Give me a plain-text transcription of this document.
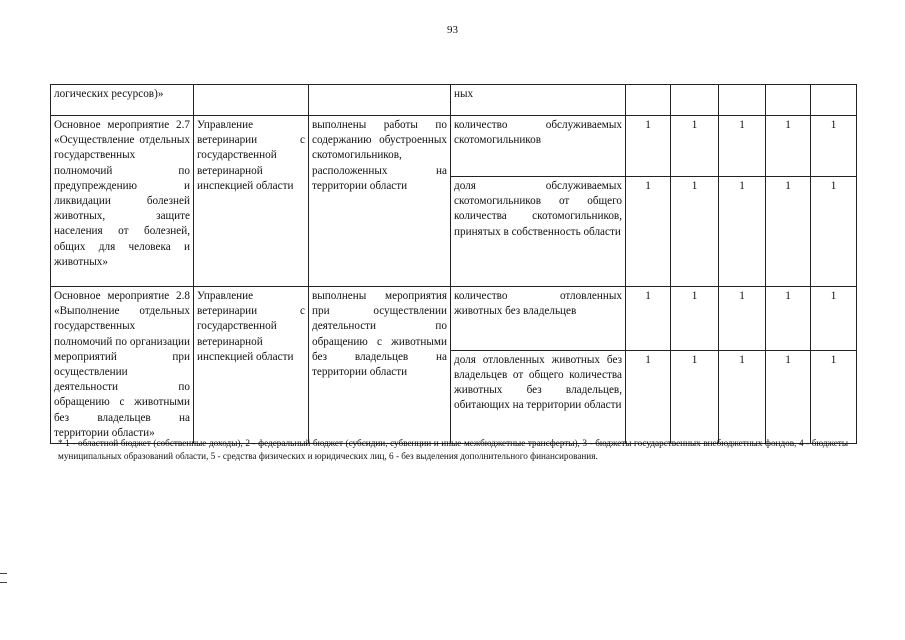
93
логических ресурсов)»			ных					
Основное мероприятие 2.7 «Осуществление отдельных государственных полномочий по предупреждению и ликвидации болезней животных, защите населения от болезней, общих для человека и животных»	Управление ветеринарии с государственной ветеринарной инспекцией области	выполнены работы по содержанию обустроенных скотомогильников, расположенных на территории области	количество обслуживаемых скотомогильников	1	1	1	1	1
			доля обслуживаемых скотомогильников от общего количества скотомогильников, принятых в собственность области	1	1	1	1	1
Основное мероприятие 2.8 «Выполнение отдельных государственных полномочий по организации мероприятий при осуществлении деятельности по обращению с животными без владельцев на территории области»	Управление ветеринарии с государственной ветеринарной инспекцией области	выполнены мероприятия при осуществлении деятельности по обращению с животными без владельцев на территории области	количество отловленных животных без владельцев	1	1	1	1	1
			доля отловленных животных без владельцев от общего количества животных без владельцев, обитающих на территории области	1	1	1	1	1
* 1 - областной бюджет (собственные доходы), 2 - федеральный бюджет (субсидии, субвенции и иные межбюджетные трансферты), 3 - бюджеты государственных внебюджетных фондов, 4 - бюджеты муниципальных образований области, 5 - средства физических и юридических лиц, 6 - без выделения дополнительного финансирования.
